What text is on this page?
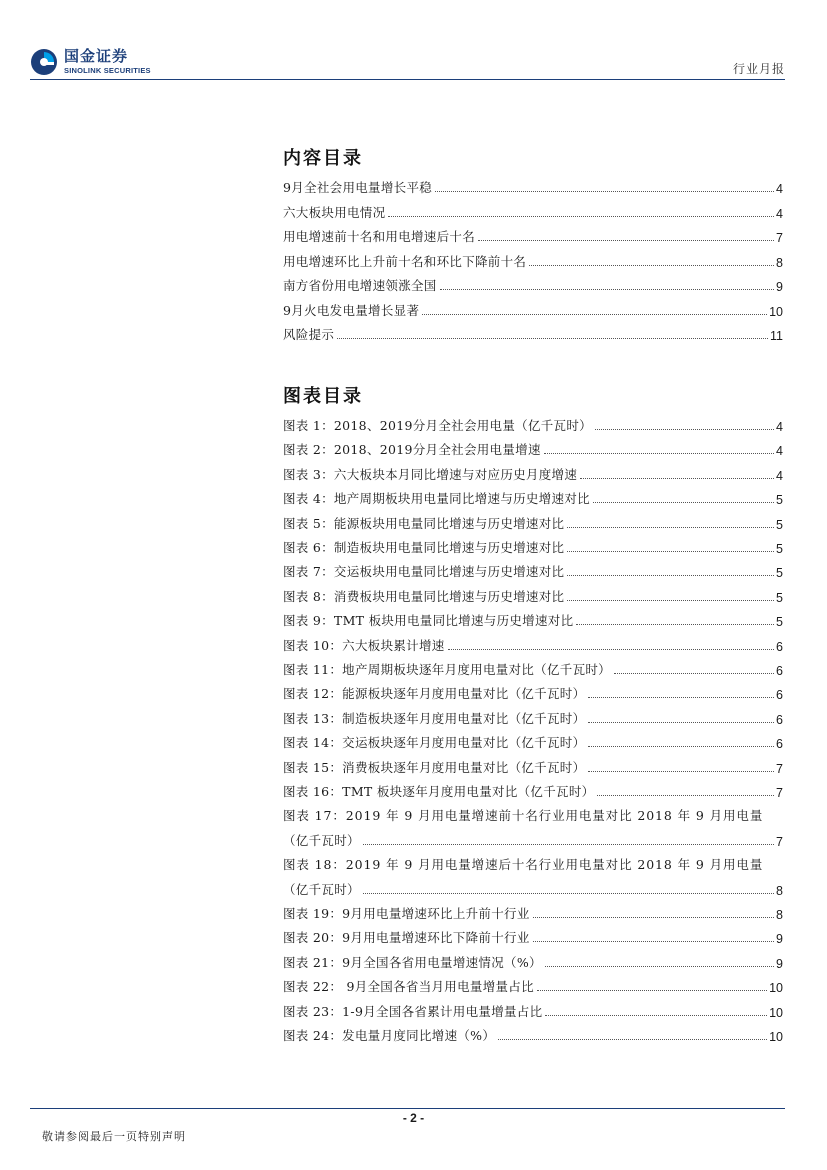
国金证券
SINOLINK SECURITIES	行业月报
内容目录
9月全社会用电量增长平稳	4
六大板块用电情况	4
用电增速前十名和用电增速后十名	7
用电增速环比上升前十名和环比下降前十名	8
南方省份用电增速领涨全国	9
9月火电发电量增长显著	10
风险提示	11
图表目录
图表 1：2018、2019分月全社会用电量（亿千瓦时）	4
图表 2：2018、2019分月全社会用电量增速	4
图表 3：六大板块本月同比增速与对应历史月度增速	4
图表 4：地产周期板块用电量同比增速与历史增速对比	5
图表 5：能源板块用电量同比增速与历史增速对比	5
图表 6：制造板块用电量同比增速与历史增速对比	5
图表 7：交运板块用电量同比增速与历史增速对比	5
图表 8：消费板块用电量同比增速与历史增速对比	5
图表 9：TMT 板块用电量同比增速与历史增速对比	5
图表 10：六大板块累计增速	6
图表 11：地产周期板块逐年月度用电量对比（亿千瓦时）	6
图表 12：能源板块逐年月度用电量对比（亿千瓦时）	6
图表 13：制造板块逐年月度用电量对比（亿千瓦时）	6
图表 14：交运板块逐年月度用电量对比（亿千瓦时）	6
图表 15：消费板块逐年月度用电量对比（亿千瓦时）	7
图表 16：TMT 板块逐年月度用电量对比（亿千瓦时）	7
图表 17：2019 年 9 月用电量增速前十名行业用电量对比 2018 年 9 月用电量
（亿千瓦时）	7
图表 18：2019 年 9 月用电量增速后十名行业用电量对比 2018 年 9 月用电量
（亿千瓦时）	8
图表 19：9月用电量增速环比上升前十行业	8
图表 20：9月用电量增速环比下降前十行业	9
图表 21：9月全国各省用电量增速情况（%）	9
图表 22： 9月全国各省当月用电量增量占比	10
图表 23：1-9月全国各省累计用电量增量占比	10
图表 24：发电量月度同比增速（%）	10
- 2 -
敬请参阅最后一页特别声明
